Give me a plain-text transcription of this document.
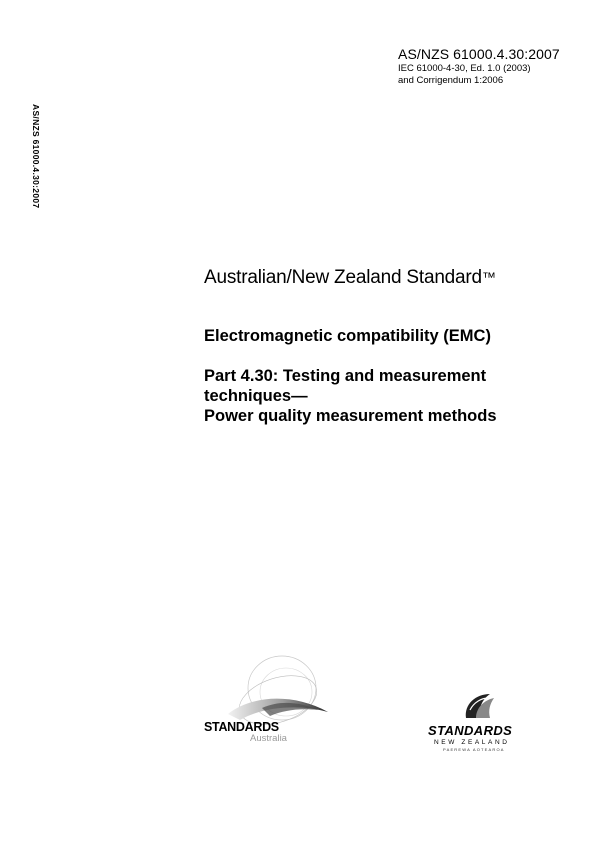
AS/NZS 61000.4.30:2007
IEC 61000-4-30, Ed. 1.0 (2003)
and Corrigendum 1:2006
AS/NZS 61000.4.30:2007
Australian/New Zealand Standard™
Electromagnetic compatibility (EMC)
Part 4.30: Testing and measurement
techniques—
Power quality measurement methods
STANDARDS
Australia
STANDARDS
NEW ZEALAND
PAEREWA AOTEAROA
